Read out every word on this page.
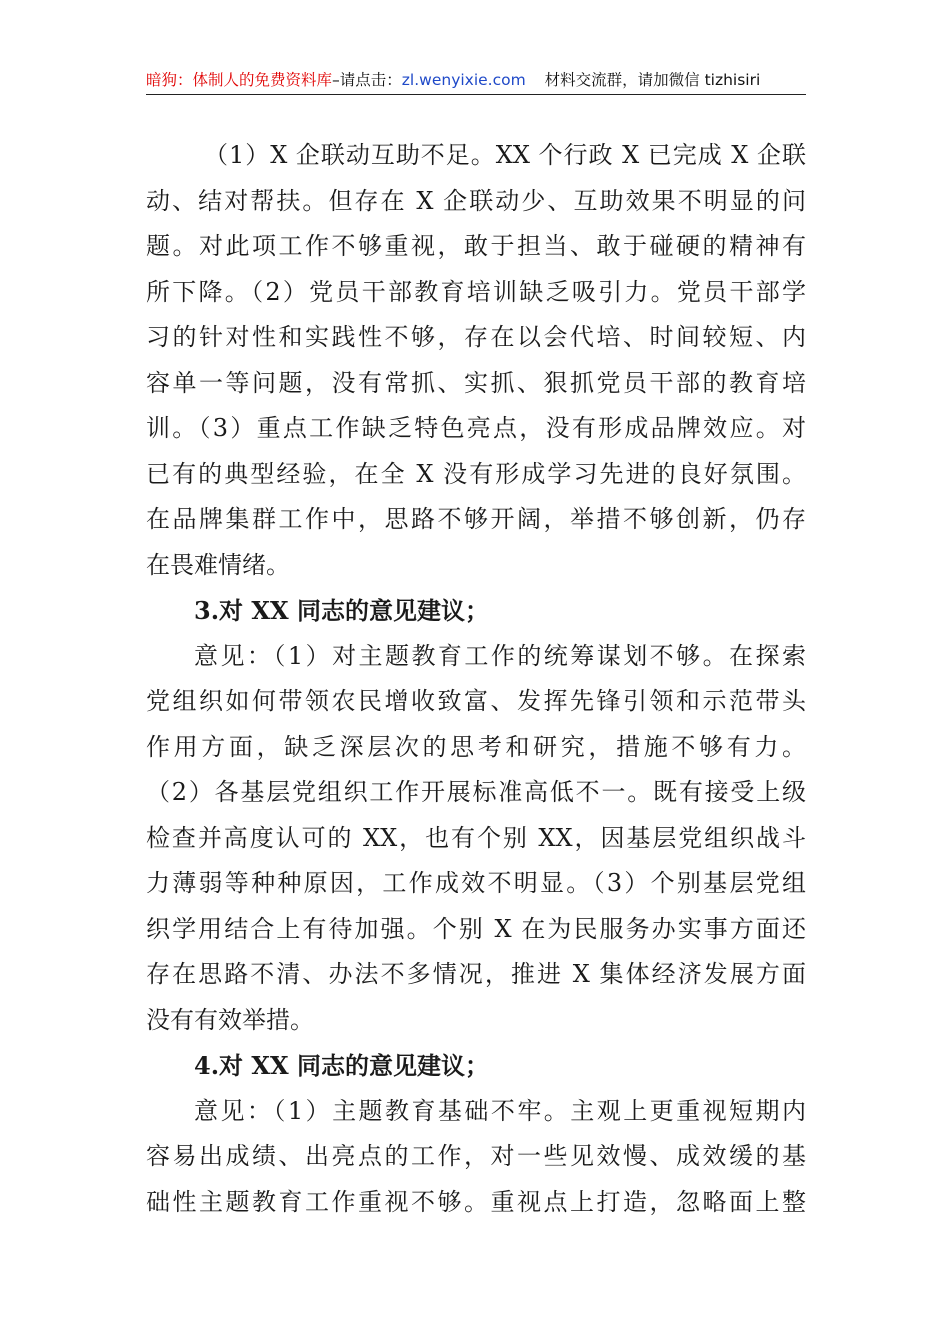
暗狗：体制人的免费资料库–请点击：zl.wenyixie.com 材料交流群，请加微信 tizhisiri
（1）X 企联动互助不足。XX 个行政 X 已完成 X 企联
动、结对帮扶。但存在 X 企联动少、互助效果不明显的问
题。对此项工作不够重视，敢于担当、敢于碰硬的精神有
所下降。（2）党员干部教育培训缺乏吸引力。党员干部学
习的针对性和实践性不够，存在以会代培、时间较短、内
容单一等问题，没有常抓、实抓、狠抓党员干部的教育培
训。（3）重点工作缺乏特色亮点，没有形成品牌效应。对
已有的典型经验，在全 X 没有形成学习先进的良好氛围。
在品牌集群工作中，思路不够开阔，举措不够创新，仍存
在畏难情绪。
3.对 XX 同志的意见建议；
意见：（1）对主题教育工作的统筹谋划不够。在探索
党组织如何带领农民增收致富、发挥先锋引领和示范带头
作用方面，缺乏深层次的思考和研究，措施不够有力。
（2）各基层党组织工作开展标准高低不一。既有接受上级
检查并高度认可的 XX，也有个别 XX，因基层党组织战斗
力薄弱等种种原因，工作成效不明显。（3）个别基层党组
织学用结合上有待加强。个别 X 在为民服务办实事方面还
存在思路不清、办法不多情况，推进 X 集体经济发展方面
没有有效举措。
4.对 XX 同志的意见建议；
意见：（1）主题教育基础不牢。主观上更重视短期内
容易出成绩、出亮点的工作，对一些见效慢、成效缓的基
础性主题教育工作重视不够。重视点上打造，忽略面上整
